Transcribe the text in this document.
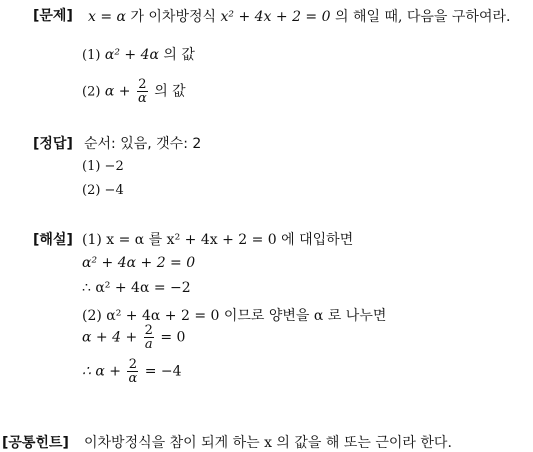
[문제] x = α 가 이차방정식 x² + 4x + 2 = 0 의 해일 때, 다음을 구하여라.
(1) α² + 4α 의 값
(2) $\alpha + \frac{2}{\alpha}$ 의 값
[정답] 순서: 있음, 갯수: 2
(1) −2
(2) −4
[해설] (1) x = α 를 x² + 4x + 2 = 0 에 대입하면
α² + 4α + 2 = 0
∴ α² + 4α = −2
(2) α² + 4α + 2 = 0 이므로 양변을 α 로 나누면
$\alpha + 4 + \frac{2}{a} = 0$
∴ $\alpha + \frac{2}{\alpha} = -4$
[공통힌트] 이차방정식을 참이 되게 하는 x 의 값을 해 또는 근이라 한다.
